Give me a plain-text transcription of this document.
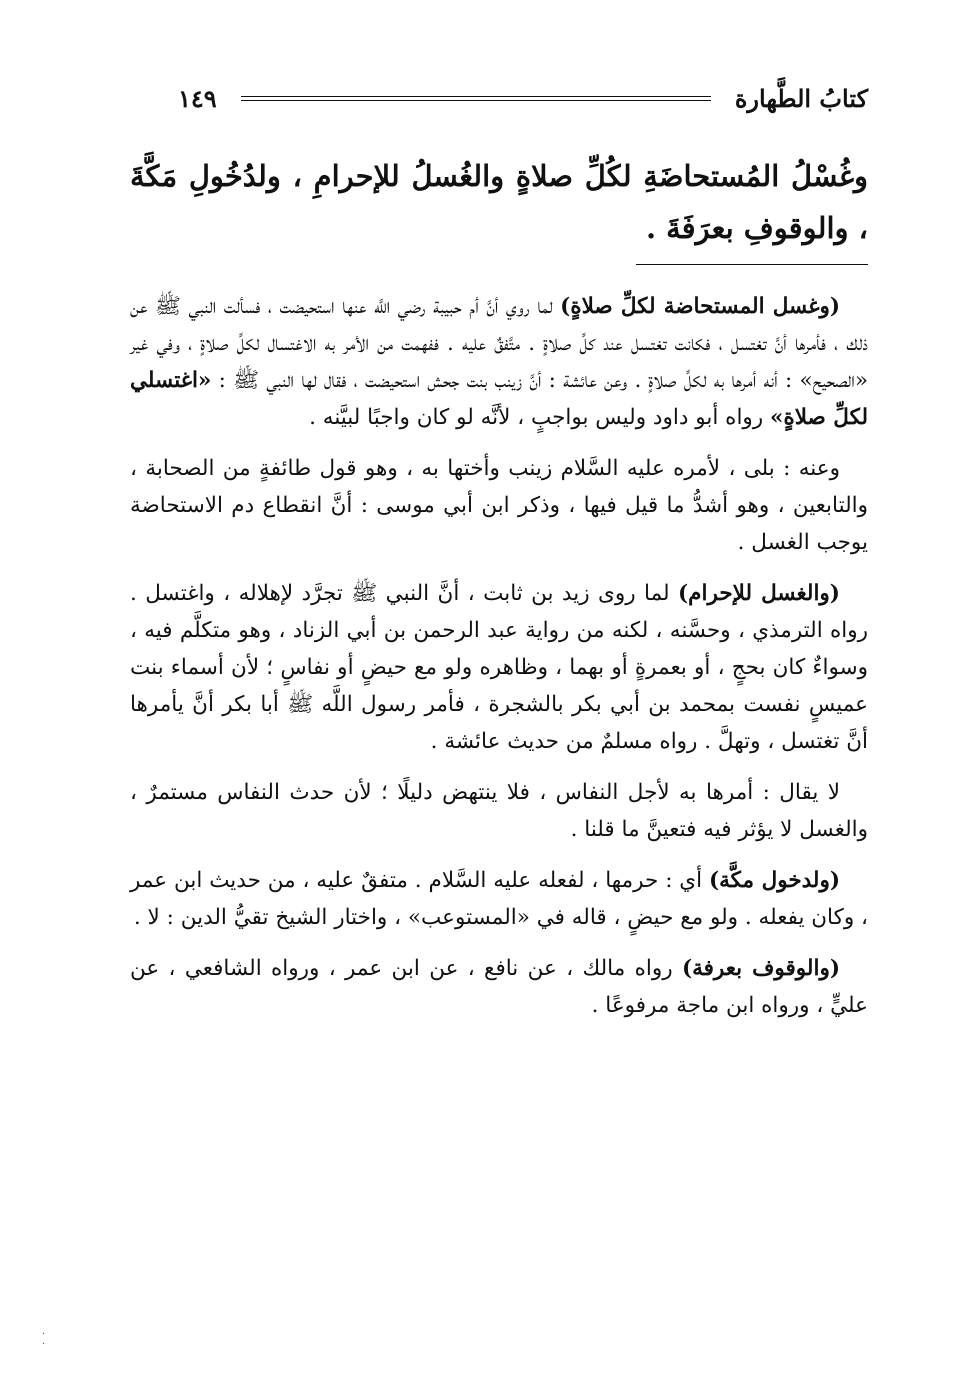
كتابُ الطَّهارة
١٤٩
وغُسْلُ المُستحاضَةِ لكُلِّ صلاةٍ والغُسلُ للإحرامِ ، ولدُخُولِ مَكَّةَ ، والوقوفِ بعرَفَةَ .

(وغسل المستحاضة لكلِّ صلاةٍ) لما روي أنَّ أم حبيبة رضي اللَّه عنها استحيضت ، فسألت النبي ﷺ عن ذلك ، فأمرها أنَّ تغتسل ، فكانت تغتسل عند كلِّ صلاةٍ . متَّفقٌ عليه . ففهمت من الأمر به الاغتسال لكلِّ صلاةٍ ، وفي غير «الصحيح» : أنه أمرها به لكلِّ صلاةٍ . وعن عائشة : أنَّ زينب بنت جحش استحيضت ، فقال لها النبي ﷺ : «اغتسلي لكلِّ صلاةٍ» رواه أبو داود وليس بواجبٍ ، لأنَّه لو كان واجبًا لبيَّنه .

وعنه : بلى ، لأمره عليه السَّلام زينب وأختها به ، وهو قول طائفةٍ من الصحابة ، والتابعين ، وهو أشدُّ ما قيل فيها ، وذكر ابن أبي موسى : أنَّ انقطاع دم الاستحاضة يوجب الغسل .

(والغسل للإحرام) لما روى زيد بن ثابت ، أنَّ النبي ﷺ تجرَّد لإهلاله ، واغتسل . رواه الترمذي ، وحسَّنه ، لكنه من رواية عبد الرحمن بن أبي الزناد ، وهو متكلَّم فيه ، وسواءٌ كان بحجٍ ، أو بعمرةٍ أو بهما ، وظاهره ولو مع حيضٍ أو نفاسٍ ؛ لأن أسماء بنت عميسٍ نفست بمحمد بن أبي بكر بالشجرة ، فأمر رسول اللَّه ﷺ أبا بكر أنَّ يأمرها أنَّ تغتسل ، وتهلَّ . رواه مسلمٌ من حديث عائشة .

لا يقال : أمرها به لأجل النفاس ، فلا ينتهض دليلًا ؛ لأن حدث النفاس مستمرٌ ، والغسل لا يؤثر فيه فتعينَّ ما قلنا .

(ولدخول مكَّة) أي : حرمها ، لفعله عليه السَّلام . متفقٌ عليه ، من حديث ابن عمر ، وكان يفعله . ولو مع حيضٍ ، قاله في «المستوعب» ، واختار الشيخ تقيُّ الدين : لا .

(والوقوف بعرفة) رواه مالك ، عن نافع ، عن ابن عمر ، ورواه الشافعي ، عن عليٍّ ، ورواه ابن ماجة مرفوعًا .

·
·
